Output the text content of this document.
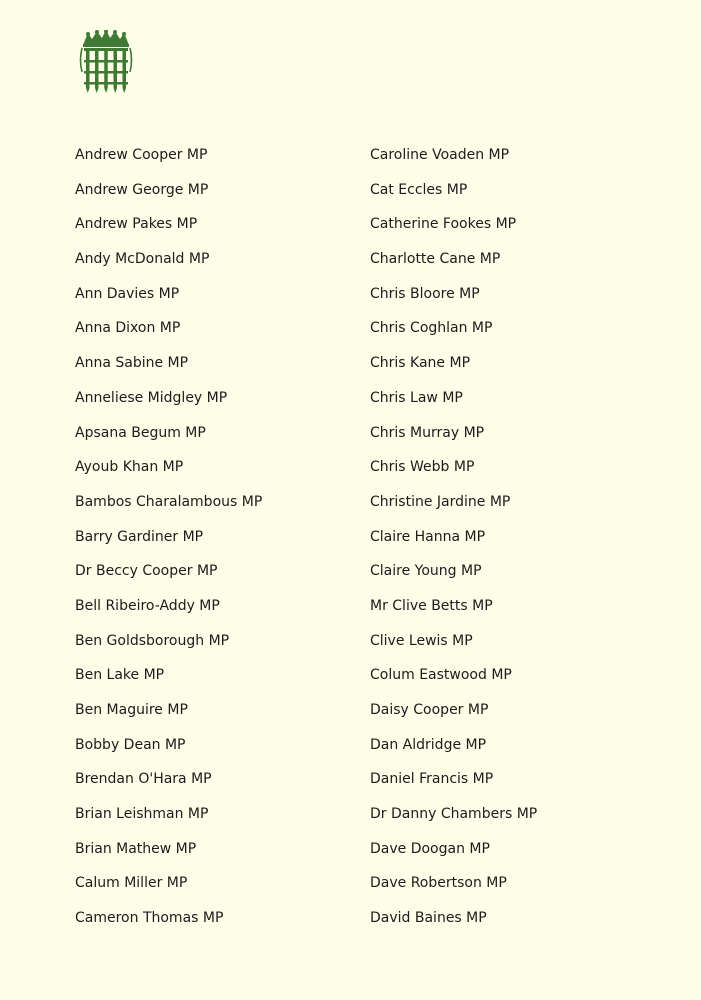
Andrew Cooper MP
Andrew George MP
Andrew Pakes MP
Andy McDonald MP
Ann Davies MP
Anna Dixon MP
Anna Sabine MP
Anneliese Midgley MP
Apsana Begum MP
Ayoub Khan MP
Bambos Charalambous MP
Barry Gardiner MP
Dr Beccy Cooper MP
Bell Ribeiro-Addy MP
Ben Goldsborough MP
Ben Lake MP
Ben Maguire MP
Bobby Dean MP
Brendan O'Hara MP
Brian Leishman MP
Brian Mathew MP
Calum Miller MP
Cameron Thomas MP
Caroline Voaden MP
Cat Eccles MP
Catherine Fookes MP
Charlotte Cane MP
Chris Bloore MP
Chris Coghlan MP
Chris Kane MP
Chris Law MP
Chris Murray MP
Chris Webb MP
Christine Jardine MP
Claire Hanna MP
Claire Young MP
Mr Clive Betts MP
Clive Lewis MP
Colum Eastwood MP
Daisy Cooper MP
Dan Aldridge MP
Daniel Francis MP
Dr Danny Chambers MP
Dave Doogan MP
Dave Robertson MP
David Baines MP
